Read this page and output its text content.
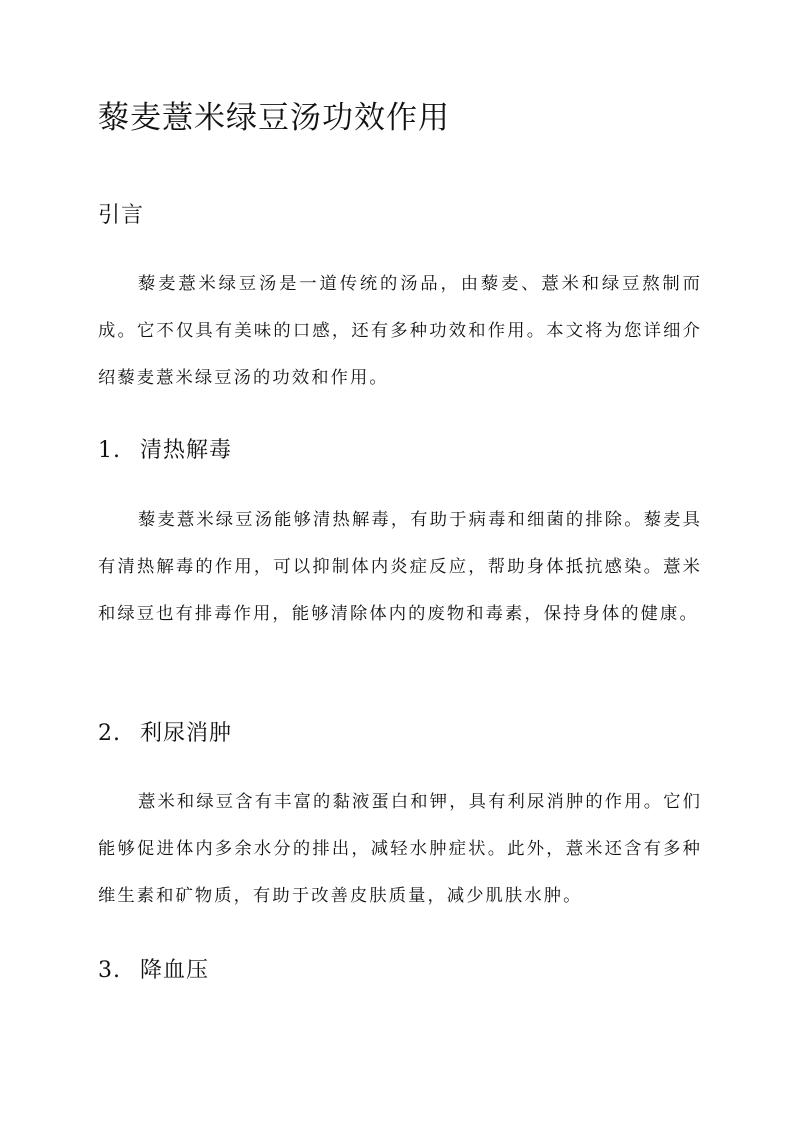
藜麦薏米绿豆汤功效作用
引言

藜麦薏米绿豆汤是一道传统的汤品，由藜麦、薏米和绿豆熬制而成。它不仅具有美味的口感，还有多种功效和作用。本文将为您详细介绍藜麦薏米绿豆汤的功效和作用。

1. 清热解毒

藜麦薏米绿豆汤能够清热解毒，有助于病毒和细菌的排除。藜麦具有清热解毒的作用，可以抑制体内炎症反应，帮助身体抵抗感染。薏米和绿豆也有排毒作用，能够清除体内的废物和毒素，保持身体的健康。

2. 利尿消肿

薏米和绿豆含有丰富的黏液蛋白和钾，具有利尿消肿的作用。它们能够促进体内多余水分的排出，减轻水肿症状。此外，薏米还含有多种维生素和矿物质，有助于改善皮肤质量，减少肌肤水肿。

3. 降血压
